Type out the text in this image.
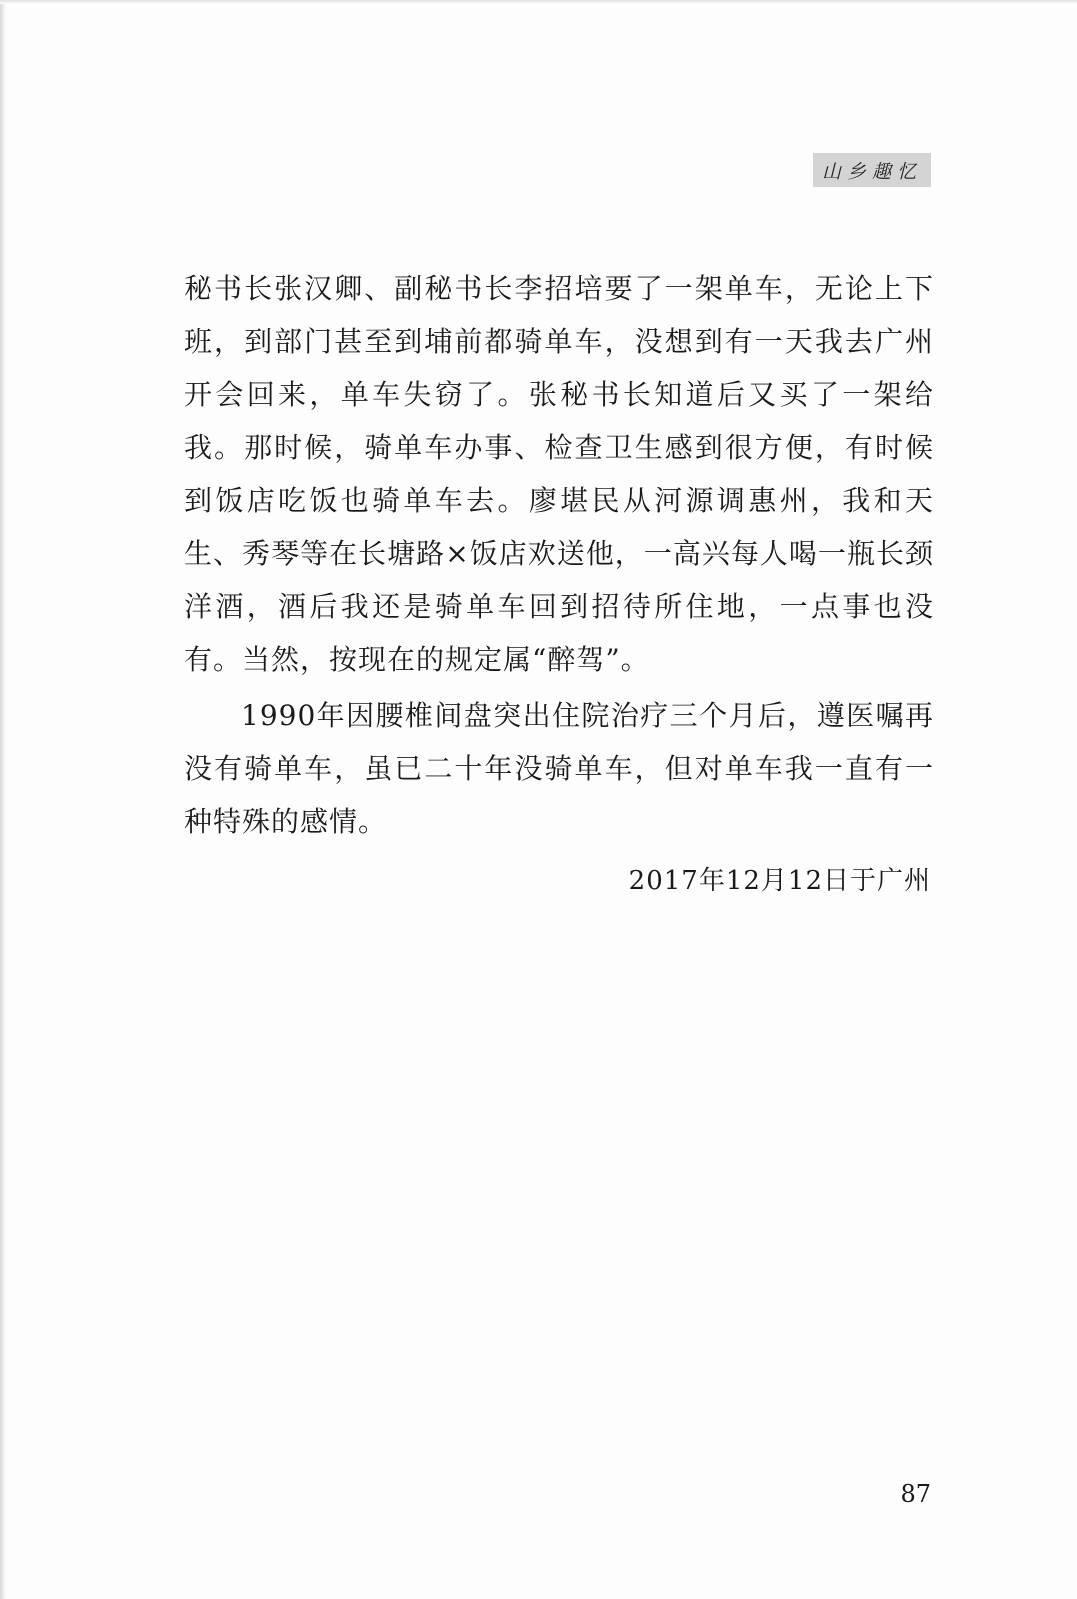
山乡趣忆

秘书长张汉卿、副秘书长李招培要了一架单车，无论上下班，到部门甚至到埔前都骑单车，没想到有一天我去广州开会回来，单车失窃了。张秘书长知道后又买了一架给我。那时候，骑单车办事、检查卫生感到很方便，有时候到饭店吃饭也骑单车去。廖堪民从河源调惠州，我和天生、秀琴等在长塘路×饭店欢送他，一高兴每人喝一瓶长颈洋酒，酒后我还是骑单车回到招待所住地，一点事也没有。当然，按现在的规定属“醉驾”。

1990年因腰椎间盘突出住院治疗三个月后，遵医嘱再没有骑单车，虽已二十年没骑单车，但对单车我一直有一种特殊的感情。

2017年12月12日于广州
87
